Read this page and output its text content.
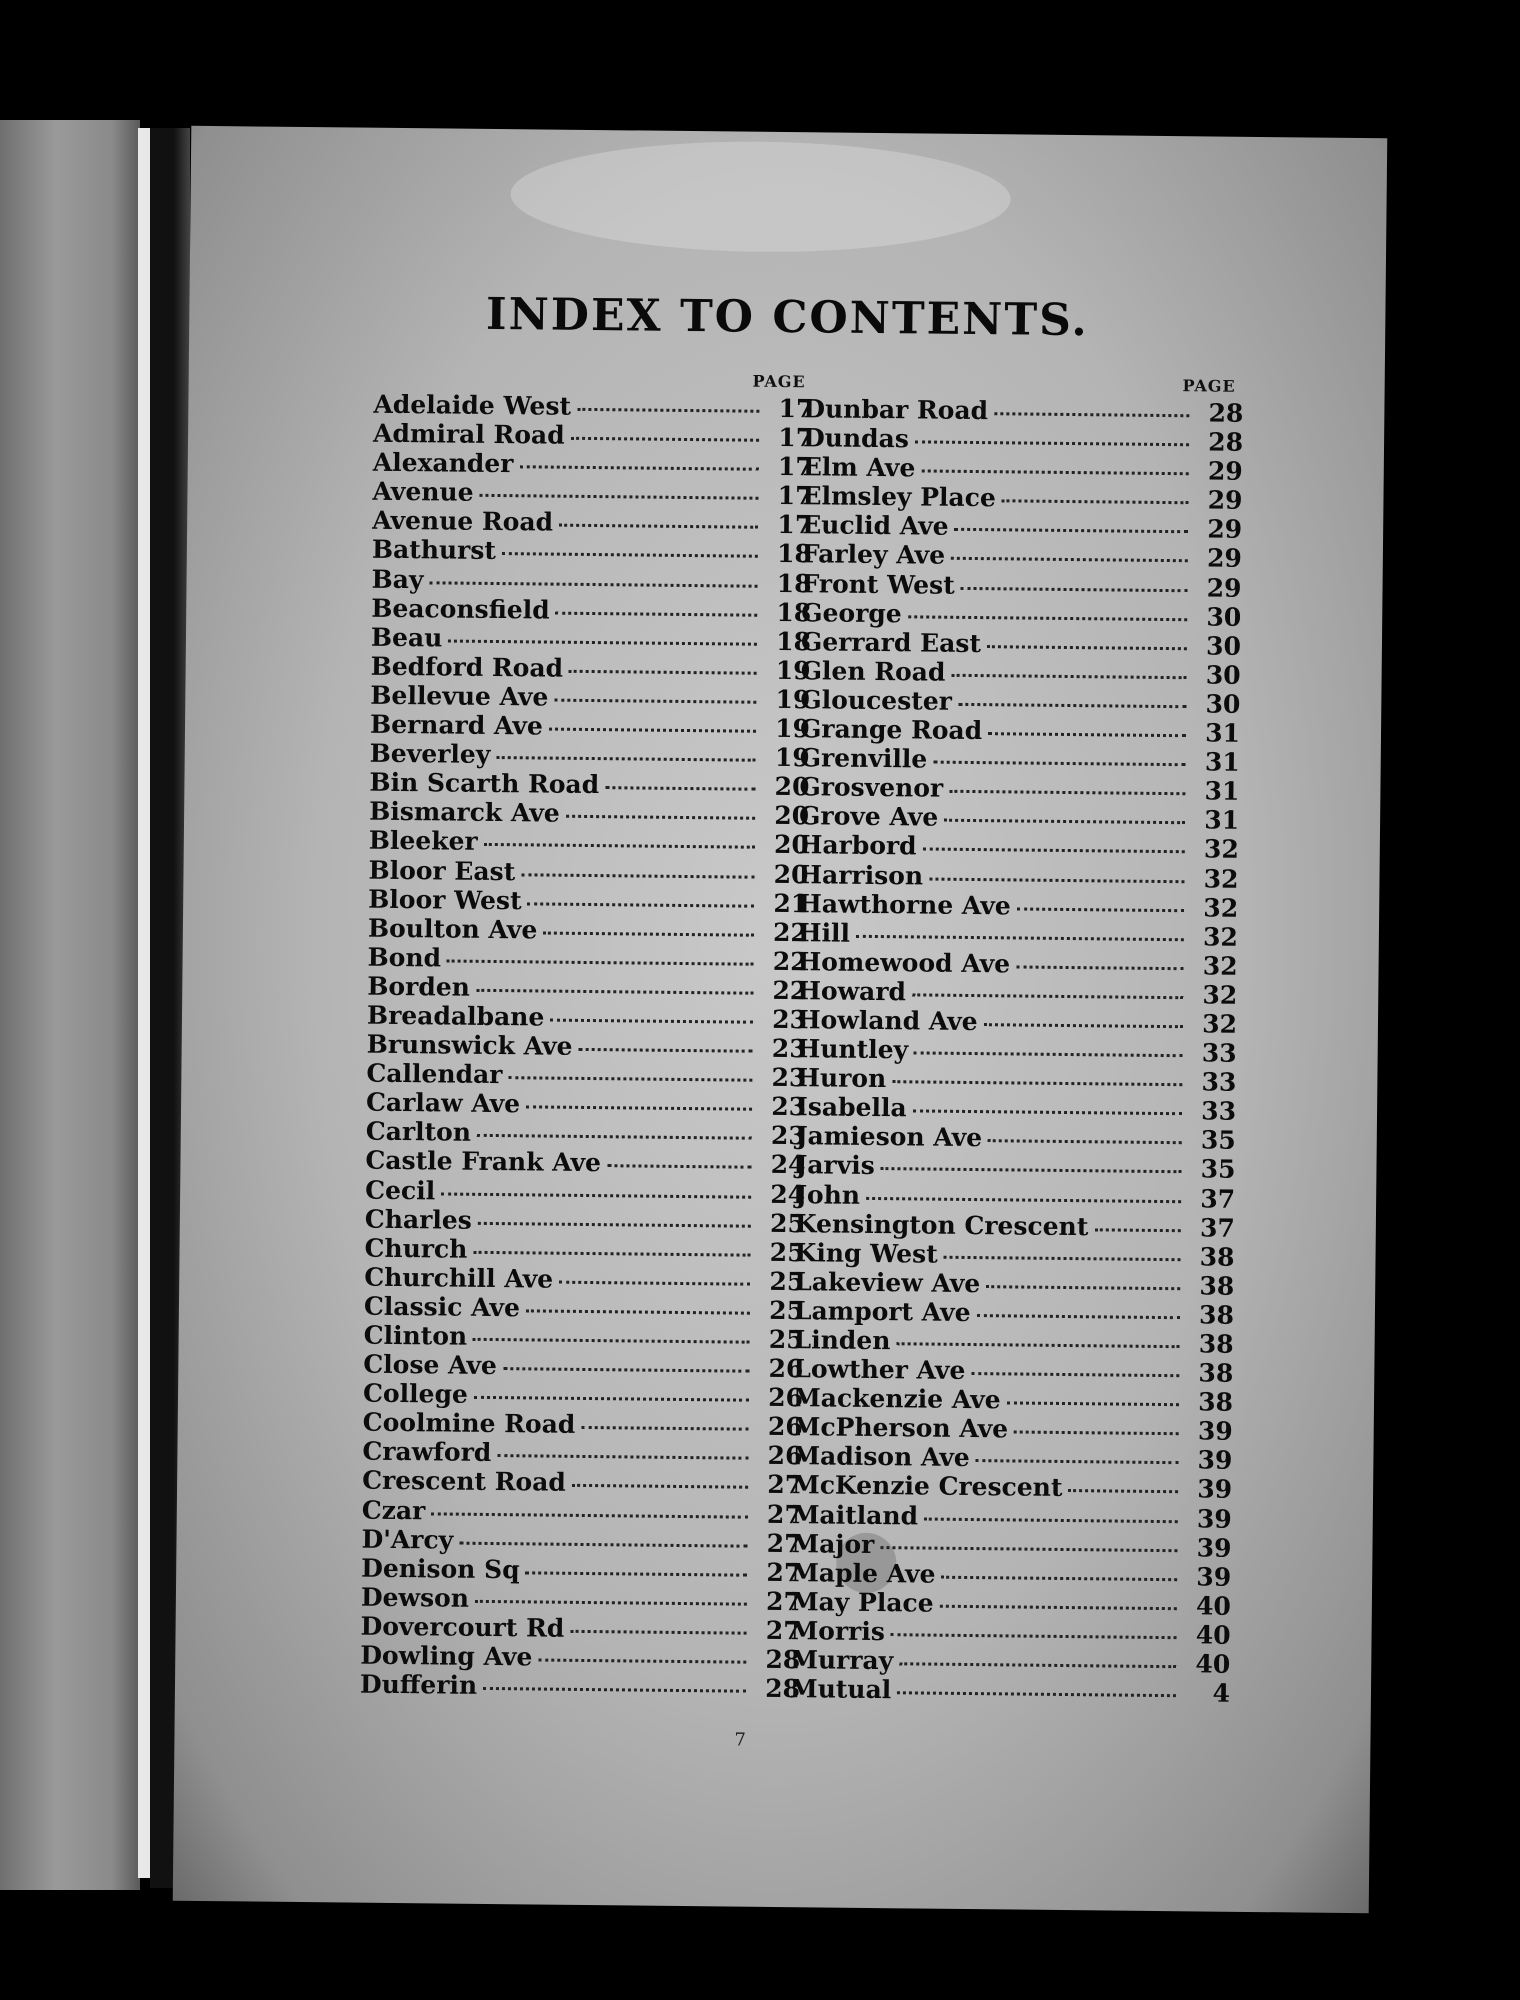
INDEX TO CONTENTS.
PAGE
Adelaide West	17
Admiral Road	17
Alexander	17
Avenue	17
Avenue Road	17
Bathurst	18
Bay	18
Beaconsfield	18
Beau	18
Bedford Road	19
Bellevue Ave	19
Bernard Ave	19
Beverley	19
Bin Scarth Road	20
Bismarck Ave	20
Bleeker	20
Bloor East	20
Bloor West	21
Boulton Ave	22
Bond	22
Borden	22
Breadalbane	23
Brunswick Ave	23
Callendar	23
Carlaw Ave	23
Carlton	23
Castle Frank Ave	24
Cecil	24
Charles	25
Church	25
Churchill Ave	25
Classic Ave	25
Clinton	25
Close Ave	26
College	26
Coolmine Road	26
Crawford	26
Crescent Road	27
Czar	27
D'Arcy	27
Denison Sq	27
Dewson	27
Dovercourt Rd	27
Dowling Ave	28
Dufferin	28
PAGE
Dunbar Road	28
Dundas	28
Elm Ave	29
Elmsley Place	29
Euclid Ave	29
Farley Ave	29
Front West	29
George	30
Gerrard East	30
Glen Road	30
Gloucester	30
Grange Road	31
Grenville	31
Grosvenor	31
Grove Ave	31
Harbord	32
Harrison	32
Hawthorne Ave	32
Hill	32
Homewood Ave	32
Howard	32
Howland Ave	32
Huntley	33
Huron	33
Isabella	33
Jamieson Ave	35
Jarvis	35
John	37
Kensington Crescent	37
King West	38
Lakeview Ave	38
Lamport Ave	38
Linden	38
Lowther Ave	38
Mackenzie Ave	38
McPherson Ave	39
Madison Ave	39
McKenzie Crescent	39
Maitland	39
Major	39
Maple Ave	39
May Place	40
Morris	40
Murray	40
Mutual	4
7
